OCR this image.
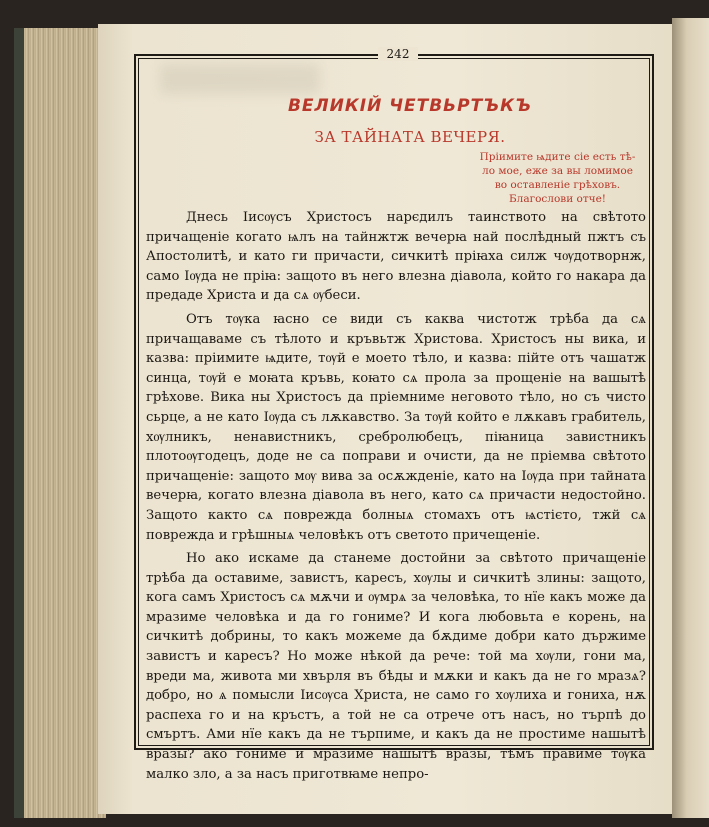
242
ВЕЛИКІЙ ЧЕТВЬРТЪКЪ
ЗА ТАЙНАТА ВЕЧЕРЯ.
Пріимите ѩдите сіе есть тѣ-
ло мое, еже за вы ломимое
во оставленіе грѣховъ.
Благослови отче!

Днесь Іисѹсъ Христосъ нарєдилъ таинството на свѣтото причащеніе когато ѩлъ на тайнжтж вечерꙗ най послѣдный пжтъ съ Апостолитѣ, и като ги причасти, сичкитѣ пріꙗха силж чѹдотворнж, само Іѹда не пріꙗ: защото въ него влезна діавола, който го накара да предаде Христа и да сѧ ѹбеси.

Отъ тѹка ꙗсно се види съ каква чистотж трѣба да сѧ причащаваме съ тѣлото и кръвьтж Христова. Христосъ ны вика, и казва: пріимите ѩдите, тѹй е моето тѣло, и казва: пійте отъ чашатж синца, тѹй е моꙗта кръвь, коꙗто сѧ прола за прощеніе на вашытѣ грѣхове. Вика ны Христосъ да пріемниме неговото тѣло, но съ чисто сьрце, а не като Іѹда съ лѫкавство. За тѹй който е лѫкавъ грабитель, хѹлникъ, ненавистникъ, сребролюбецъ, піꙗница завистникъ плотоѹгодецъ, доде не са поправи и очисти, да не пріемва свѣтото причащеніе: защото мѹ вива за осѫжденіе, като на Іѹда при тайната вечерꙗ, когато влезна діавола въ него, като сѧ причасти недостойно. Защото както сѧ поврежда болныѧ стомахъ отъ ѩстієто, тжй сѧ поврежда и грѣшныѧ человѣкъ отъ светото причещеніе.

Но ако искаме да станеме достойни за свѣтото причащеніе трѣба да оставиме, завистъ, каресъ, хѹлы и сичкитѣ злины: защото, кога самъ Христосъ сѧ мѫчи и ѹмрѧ за человѣка, то нїе какъ може да мразиме человѣка и да го гониме? И кога любовьта е корень, на сичкитѣ добрины, то какъ можеме да бѫдиме добри като държиме завистъ и каресъ? Но може нѣкой да рече: той ма хѹли, гони ма, вреди ма, живота ми хвърля въ бѣды и мѫки и какъ да не го мразѧ? добро, но ѧ помысли Іисѹса Христа, не само го хѹлиха и гониха, нѫ распеха го и на кръстъ, а той не са отрече отъ насъ, но търпѣ до смъртъ. Ами нїе какъ да не търпиме, и какъ да не простиме нашытѣ вразы? ако гониме и мразиме нашытѣ вразы, тѣмъ правиме тѹка малко зло, а за насъ приготвꙗме непро-
